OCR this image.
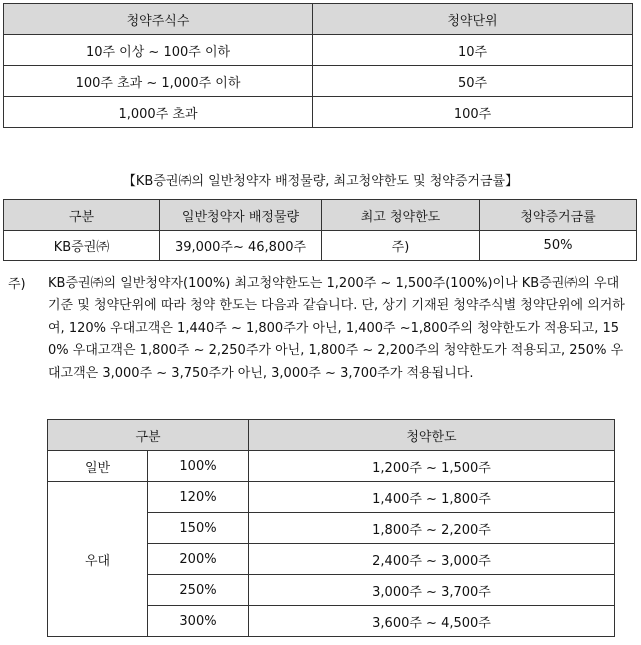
청약주식수	청약단위
10주 이상 ~ 100주 이하	10주
100주 초과 ~ 1,000주 이하	50주
1,000주 초과	100주
【KB증권㈜의 일반청약자 배정물량, 최고청약한도 및 청약증거금률】
구분	일반청약자 배정물량	최고 청약한도	청약증거금률
KB증권㈜	39,000주~ 46,800주	주)	50%
주) KB증권㈜의 일반청약자(100%) 최고청약한도는 1,200주 ~ 1,500주(100%)이나 KB증권㈜의 우대기준 및 청약단위에 따라 청약 한도는 다음과 같습니다. 단, 상기 기재된 청약주식별 청약단위에 의거하여, 120% 우대고객은 1,440주 ~ 1,800주가 아닌, 1,400주 ~1,800주의 청약한도가 적용되고, 150% 우대고객은 1,800주 ~ 2,250주가 아닌, 1,800주 ~ 2,200주의 청약한도가 적용되고, 250% 우대고객은 3,000주 ~ 3,750주가 아닌, 3,000주 ~ 3,700주가 적용됩니다.

구분		청약한도
일반	100%	1,200주 ~ 1,500주
우대	120%	1,400주 ~ 1,800주
	150%	1,800주 ~ 2,200주
	200%	2,400주 ~ 3,000주
	250%	3,000주 ~ 3,700주
	300%	3,600주 ~ 4,500주
